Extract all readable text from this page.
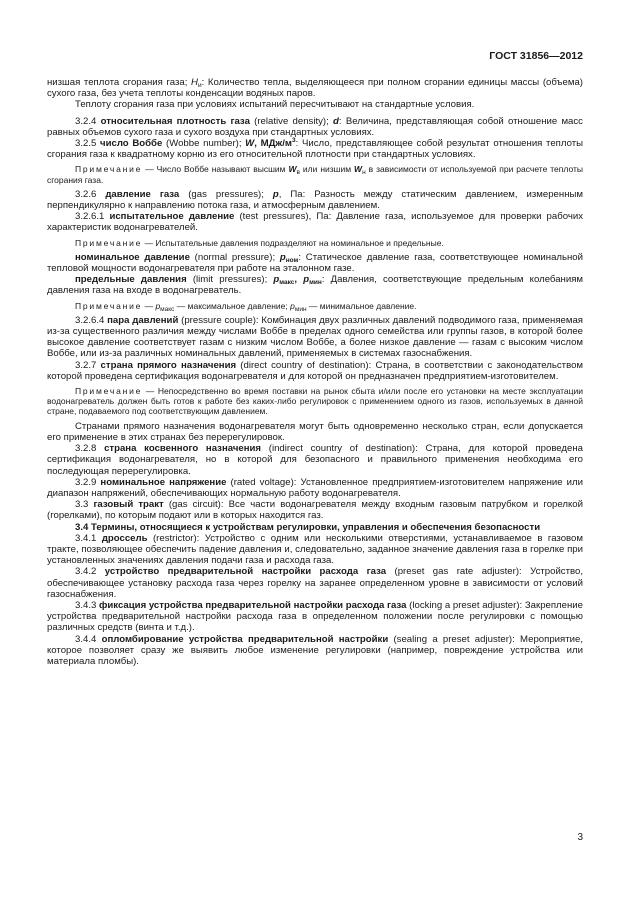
ГОСТ 31856—2012

низшая теплота сгорания газа; $H_и$: Количество тепла, выделяющееся при полном сгорании единицы массы (объема) сухого газа, без учета теплоты конденсации водяных паров.

Теплоту сгорания газа при условиях испытаний пересчитывают на стандартные условия.

3.2.4 относительная плотность газа (relative density); d: Величина, представляющая собой отношение масс равных объемов сухого газа и сухого воздуха при стандартных условиях.

3.2.5 число Воббе (Wobbe number); W, МДж/$м^3$: Число, представляющее собой результат отношения теплоты сгорания газа к квадратному корню из его относительной плотности при стандартных условиях.

Примечание — Число Воббе называют высшим $W_в$ или низшим $W_н$ в зависимости от используемой при расчете теплоты сгорания газа.

3.2.6 давление газа (gas pressures); p, Па: Разность между статическим давлением, измеренным перпендикулярно к направлению потока газа, и атмосферным давлением.

3.2.6.1 испытательное давление (test pressures), Па: Давление газа, используемое для проверки рабочих характеристик водонагревателей.

Примечание — Испытательные давления подразделяют на номинальное и предельные.

номинальное давление (normal pressure); $p_{ном}$: Статическое давление газа, соответствующее номинальной тепловой мощности водонагревателя при работе на эталонном газе.

предельные давления (limit pressures); $p_{макс}$, $p_{мин}$: Давления, соответствующие предельным колебаниям давления газа на входе в водонагреватель.

Примечание — $p_{макс}$ — максимальное давление; $p_{мин}$ — минимальное давление.

3.2.6.4 пара давлений (pressure couple): Комбинация двух различных давлений подводимого газа, применяемая из-за существенного различия между числами Воббе в пределах одного семейства или группы газов, в которой более высокое давление соответствует газам с низким числом Воббе, а более низкое давление — газам с высоким числом Воббе, или из-за различных номинальных давлений, применяемых в системах газоснабжения.

3.2.7 страна прямого назначения (direct country of destination): Страна, в соответствии с законодательством которой проведена сертификация водонагревателя и для которой он предназначен предприятием-изготовителем.

Примечание — Непосредственно во время поставки на рынок сбыта и/или после его установки на месте эксплуатации водонагреватель должен быть готов к работе без каких-либо регулировок с применением одного из газов, используемых в данной стране, подаваемого под соответствующим давлением.

Странами прямого назначения водонагревателя могут быть одновременно несколько стран, если допускается его применение в этих странах без перерегулировок.

3.2.8 страна косвенного назначения (indirect country of destination): Страна, для которой проведена сертификация водонагревателя, но в которой для безопасного и правильного применения необходима его последующая перерегулировка.

3.2.9 номинальное напряжение (rated voltage): Установленное предприятием-изготовителем напряжение или диапазон напряжений, обеспечивающих нормальную работу водонагревателя.

3.3 газовый тракт (gas circuit): Все части водонагревателя между входным газовым патрубком и горелкой (горелками), по которым подают или в которых находится газ.

3.4 Термины, относящиеся к устройствам регулировки, управления и обеспечения безопасности

3.4.1 дроссель (restrictor): Устройство с одним или несколькими отверстиями, устанавливаемое в газовом тракте, позволяющее обеспечить падение давления и, следовательно, заданное значение давления газа в горелке при установленных значениях давления подачи газа и расхода газа.

3.4.2 устройство предварительной настройки расхода газа (preset gas rate adjuster): Устройство, обеспечивающее установку расхода газа через горелку на заранее определенном уровне в зависимости от условий газоснабжения.

3.4.3 фиксация устройства предварительной настройки расхода газа (locking a preset adjuster): Закрепление устройства предварительной настройки расхода газа в определенном положении после регулировки с помощью различных средств (винта и т.д.).

3.4.4 опломбирование устройства предварительной настройки (sealing a preset adjuster): Мероприятие, которое позволяет сразу же выявить любое изменение регулировки (например, повреждение устройства или материала пломбы).

3
